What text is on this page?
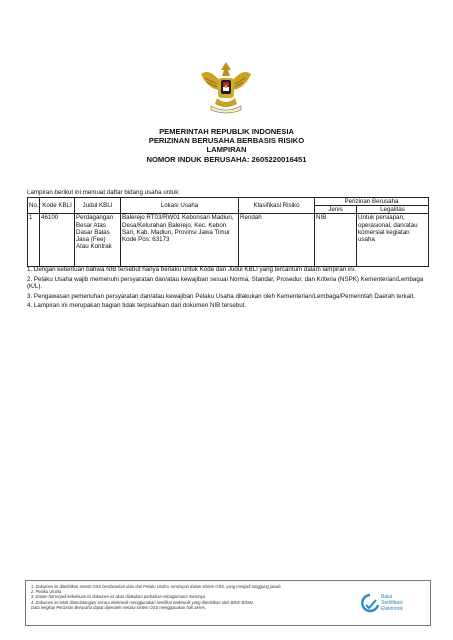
PEMERINTAH REPUBLIK INDONESIA
PERIZINAN BERUSAHA BERBASIS RISIKO
LAMPIRAN
NOMOR INDUK BERUSAHA: 2605220016451
Lampiran berikut ini memuat daftar bidang usaha untuk:
No.	Kode KBLI	Judul KBLI	Lokasi Usaha	Klasifikasi Risiko	Perizinan Berusaha	
					Jenis	Legalitas
1	46100	Perdagangan Besar Atas Dasar Balas Jasa (Fee) Atau Kontrak	Balerejo RT03/RW01 Kebonsari Madiun, Desa/Kelurahan Balerejo, Kec. Kebon Sari, Kab. Madiun, Provinsi Jawa Timur Kode Pos: 63173	Rendah	NIB	Untuk persiapan, operasional, dan/atau komersial kegiatan usaha
1. Dengan ketentuan bahwa NIB tersebut hanya berlaku untuk Kode dan Judul KBLI yang tercantum dalam lampiran ini.
2. Pelaku Usaha wajib memenuhi persyaratan dan/atau kewajiban sesuai Norma, Standar, Prosedur, dan Kriteria (NSPK) Kementerian/Lembaga (K/L).
3. Pengawasan pemenuhan persyaratan dan/atau kewajiban Pelaku Usaha dilakukan oleh Kementerian/Lembaga/Pemerintah Daerah terkait.
4. Lampiran ini merupakan bagian tidak terpisahkan dari dokumen NIB tersebut.
1. Dokumen ini diterbitkan sistem OSS berdasarkan data dari Pelaku Usaha, tersimpan dalam sistem OSS, yang menjadi tanggung jawab
2. Pelaku Usaha.
3. Dalam hal terjadi kekeliruan isi dokumen ini akan dilakukan perbaikan sebagaimana mestinya.
4. Dokumen ini telah ditandatangani secara elektronik menggunakan sertifikat elektronik yang diterbitkan oleh BSrE-BSSN.
Data lengkap Perizinan Berusaha dapat diperoleh melalui sistem OSS menggunakan hak akses.
Balai
Sertifikasi
Elektronik
